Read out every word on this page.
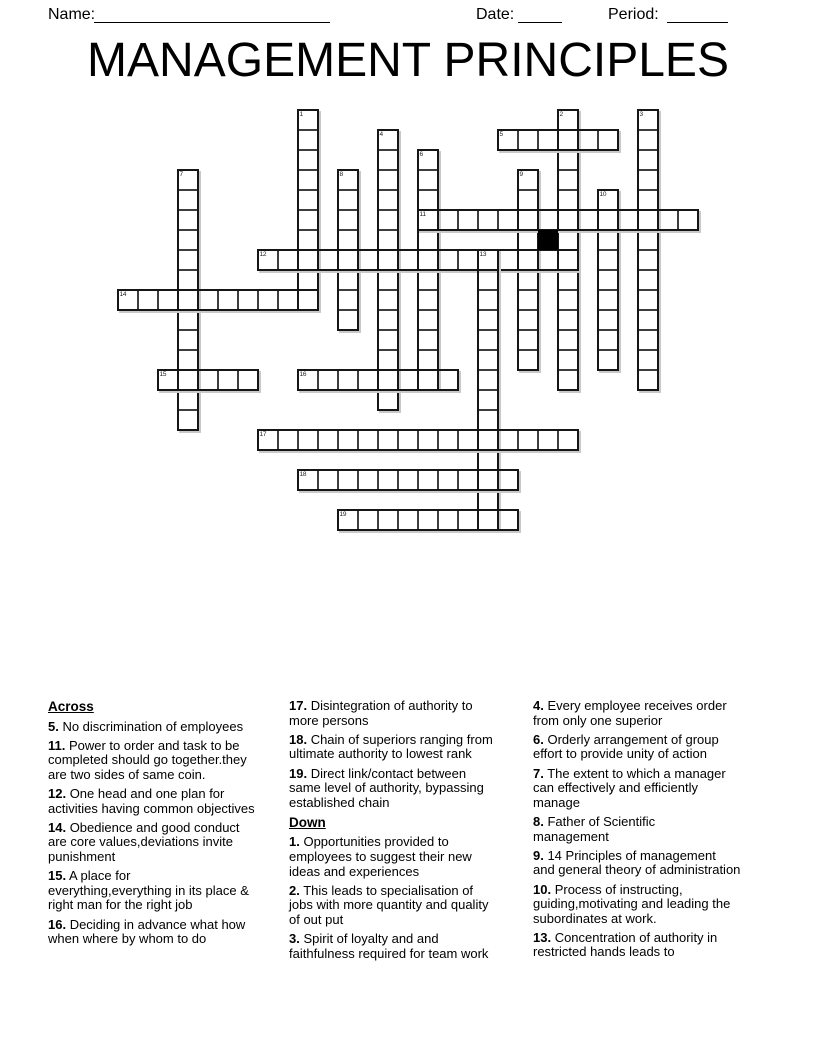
Name:	Date:	Period:
MANAGEMENT PRINCIPLES
1	2	3
4	5
6
7	8	9
10
11
12	13
14
15	16
17
18
19
Across

5. No discrimination of employees

11. Power to order and task to be
completed should go together.they
are two sides of same coin.

12. One head and one plan for
activities having common objectives

14. Obedience and good conduct
are core values,deviations invite
punishment

15. A place for
everything,everything in its place &
right man for the right job

16. Deciding in advance what how
when where by whom to do

17. Disintegration of authority to
more persons

18. Chain of superiors ranging from
ultimate authority to lowest rank

19. Direct link/contact between
same level of authority, bypassing
established chain

Down

1. Opportunities provided to
employees to suggest their new
ideas and experiences

2. This leads to specialisation of
jobs with more quantity and quality
of out put

3. Spirit of loyalty and and
faithfulness required for team work

4. Every employee receives order
from only one superior

6. Orderly arrangement of group
effort to provide unity of action

7. The extent to which a manager
can effectively and efficiently
manage

8. Father of Scientific
management

9. 14 Principles of management
and general theory of administration

10. Process of instructing,
guiding,motivating and leading the
subordinates at work.

13. Concentration of authority in
restricted hands leads to
